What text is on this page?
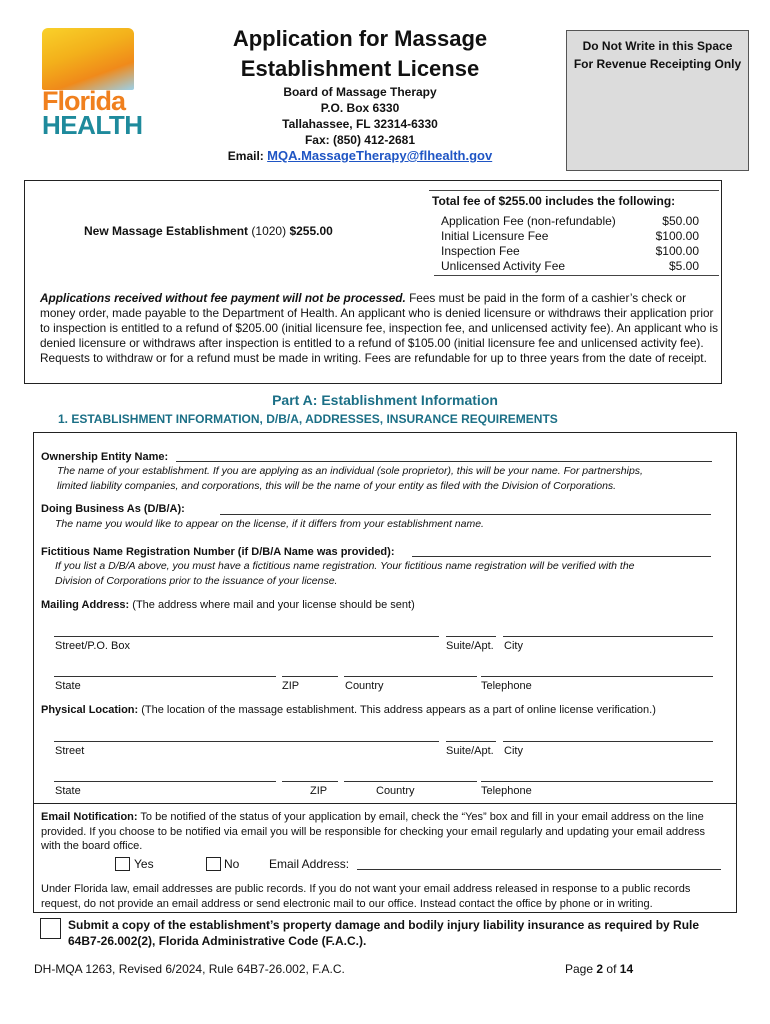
Florida
HEALTH
Application for Massage
Establishment License
Board of Massage Therapy
P.O. Box 6330
Tallahassee, FL 32314-6330
Fax: (850) 412-2681
Email: MQA.MassageTherapy@flhealth.gov
Do Not Write in this Space
For Revenue Receipting Only
New Massage Establishment (1020) $255.00
Total fee of $255.00 includes the following:
Application Fee (non-refundable)	$50.00
Initial Licensure Fee	$100.00
Inspection Fee	$100.00
Unlicensed Activity Fee	$5.00
Applications received without fee payment will not be processed. Fees must be paid in the form of a cashier’s check or money order, made payable to the Department of Health. An applicant who is denied licensure or withdraws their application prior to inspection is entitled to a refund of $205.00 (initial licensure fee, inspection fee, and unlicensed activity fee). An applicant who is denied licensure or withdraws after inspection is entitled to a refund of $105.00 (initial licensure fee and unlicensed activity fee). Requests to withdraw or for a refund must be made in writing. Fees are refundable for up to three years from the date of receipt.
Part A: Establishment Information
1. ESTABLISHMENT INFORMATION, D/B/A, ADDRESSES, INSURANCE REQUIREMENTS
Ownership Entity Name:
The name of your establishment. If you are applying as an individual (sole proprietor), this will be your name. For partnerships,
limited liability companies, and corporations, this will be the name of your entity as filed with the Division of Corporations.
Doing Business As (D/B/A):
The name you would like to appear on the license, if it differs from your establishment name.
Fictitious Name Registration Number (if D/B/A Name was provided):
If you list a D/B/A above, you must have a fictitious name registration. Your fictitious name registration will be verified with the
Division of Corporations prior to the issuance of your license.
Mailing Address: (The address where mail and your license should be sent)
Street/P.O. Box	Suite/Apt. City
State	ZIP	Country	Telephone
Physical Location: (The location of the massage establishment. This address appears as a part of online license verification.)
Street	Suite/Apt. City
State	ZIP	Country	Telephone
Email Notification: To be notified of the status of your application by email, check the “Yes” box and fill in your email address on the line provided. If you choose to be notified via email you will be responsible for checking your email regularly and updating your email address with the board office.
Yes	No Email Address:
Under Florida law, email addresses are public records. If you do not want your email address released in response to a public records request, do not provide an email address or send electronic mail to our office. Instead contact the office by phone or in writing.
Submit a copy of the establishment’s property damage and bodily injury liability insurance as required by Rule 64B7-26.002(2), Florida Administrative Code (F.A.C.).
DH-MQA 1263, Revised 6/2024, Rule 64B7-26.002, F.A.C.	Page 2 of 14
